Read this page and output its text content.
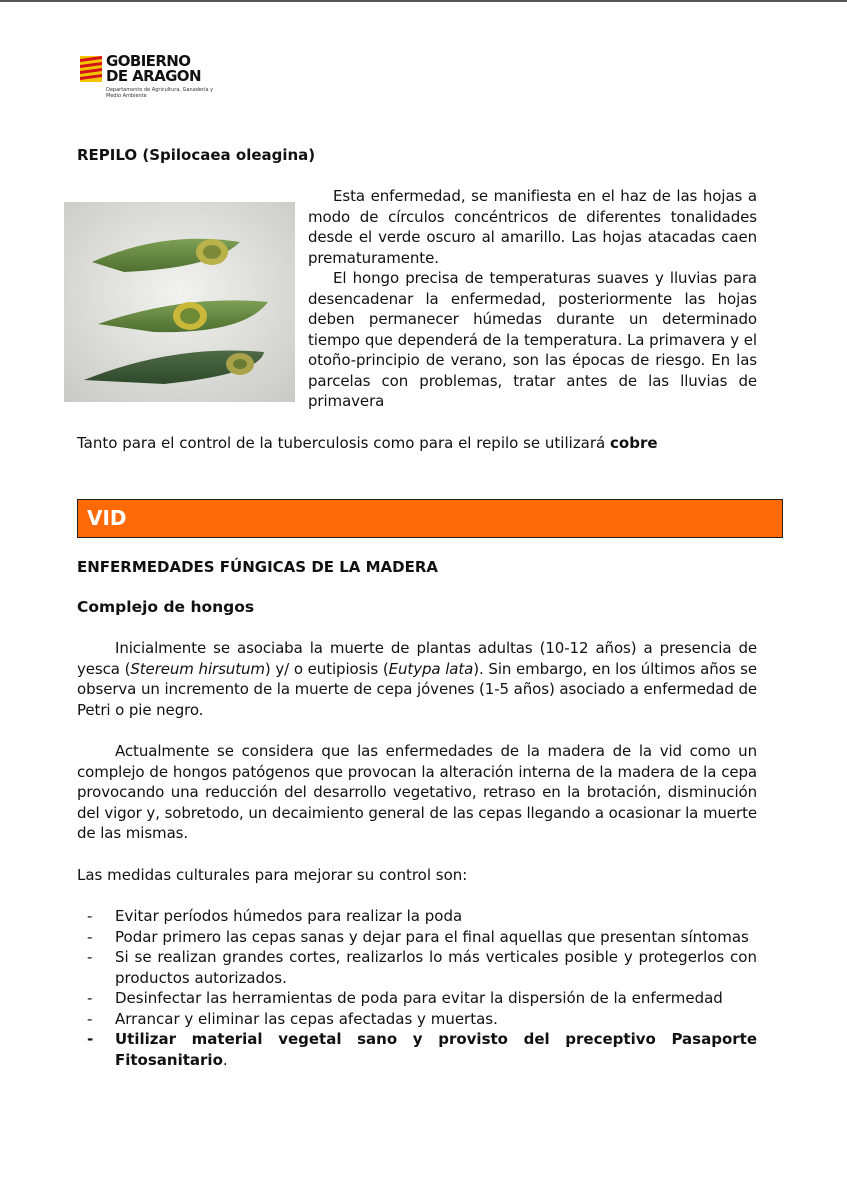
GOBIERNO
DE ARAGON
Departamento de Agricultura, Ganadería y Medio Ambiente
REPILO (Spilocaea oleagina)

Esta enfermedad, se manifiesta en el haz de las hojas a modo de círculos concéntricos de diferentes tonalidades desde el verde oscuro al amarillo. Las hojas atacadas caen prematuramente.

El hongo precisa de temperaturas suaves y lluvias para desencadenar la enfermedad, posteriormente las hojas deben permanecer húmedas durante un determinado tiempo que dependerá de la temperatura. La primavera y el otoño-principio de verano, son las épocas de riesgo. En las parcelas con problemas, tratar antes de las lluvias de primavera

Tanto para el control de la tuberculosis como para el repilo se utilizará cobre
VID
ENFERMEDADES FÚNGICAS DE LA MADERA
Complejo de hongos

Inicialmente se asociaba la muerte de plantas adultas (10-12 años) a presencia de yesca (Stereum hirsutum) y/ o eutipiosis (Eutypa lata). Sin embargo, en los últimos años se observa un incremento de la muerte de cepa jóvenes (1-5 años) asociado a enfermedad de Petri o pie negro.

Actualmente se considera que las enfermedades de la madera de la vid como un complejo de hongos patógenos que provocan la alteración interna de la madera de la cepa provocando una reducción del desarrollo vegetativo, retraso en la brotación, disminución del vigor y, sobretodo, un decaimiento general de las cepas llegando a ocasionar la muerte de las mismas.

Las medidas culturales para mejorar su control son:
- Evitar períodos húmedos para realizar la poda
- Podar primero las cepas sanas y dejar para el final aquellas que presentan síntomas
- Si se realizan grandes cortes, realizarlos lo más verticales posible y protegerlos con productos autorizados.
- Desinfectar las herramientas de poda para evitar la dispersión de la enfermedad
- Arrancar y eliminar las cepas afectadas y muertas.
- Utilizar material vegetal sano y provisto del preceptivo Pasaporte Fitosanitario.
